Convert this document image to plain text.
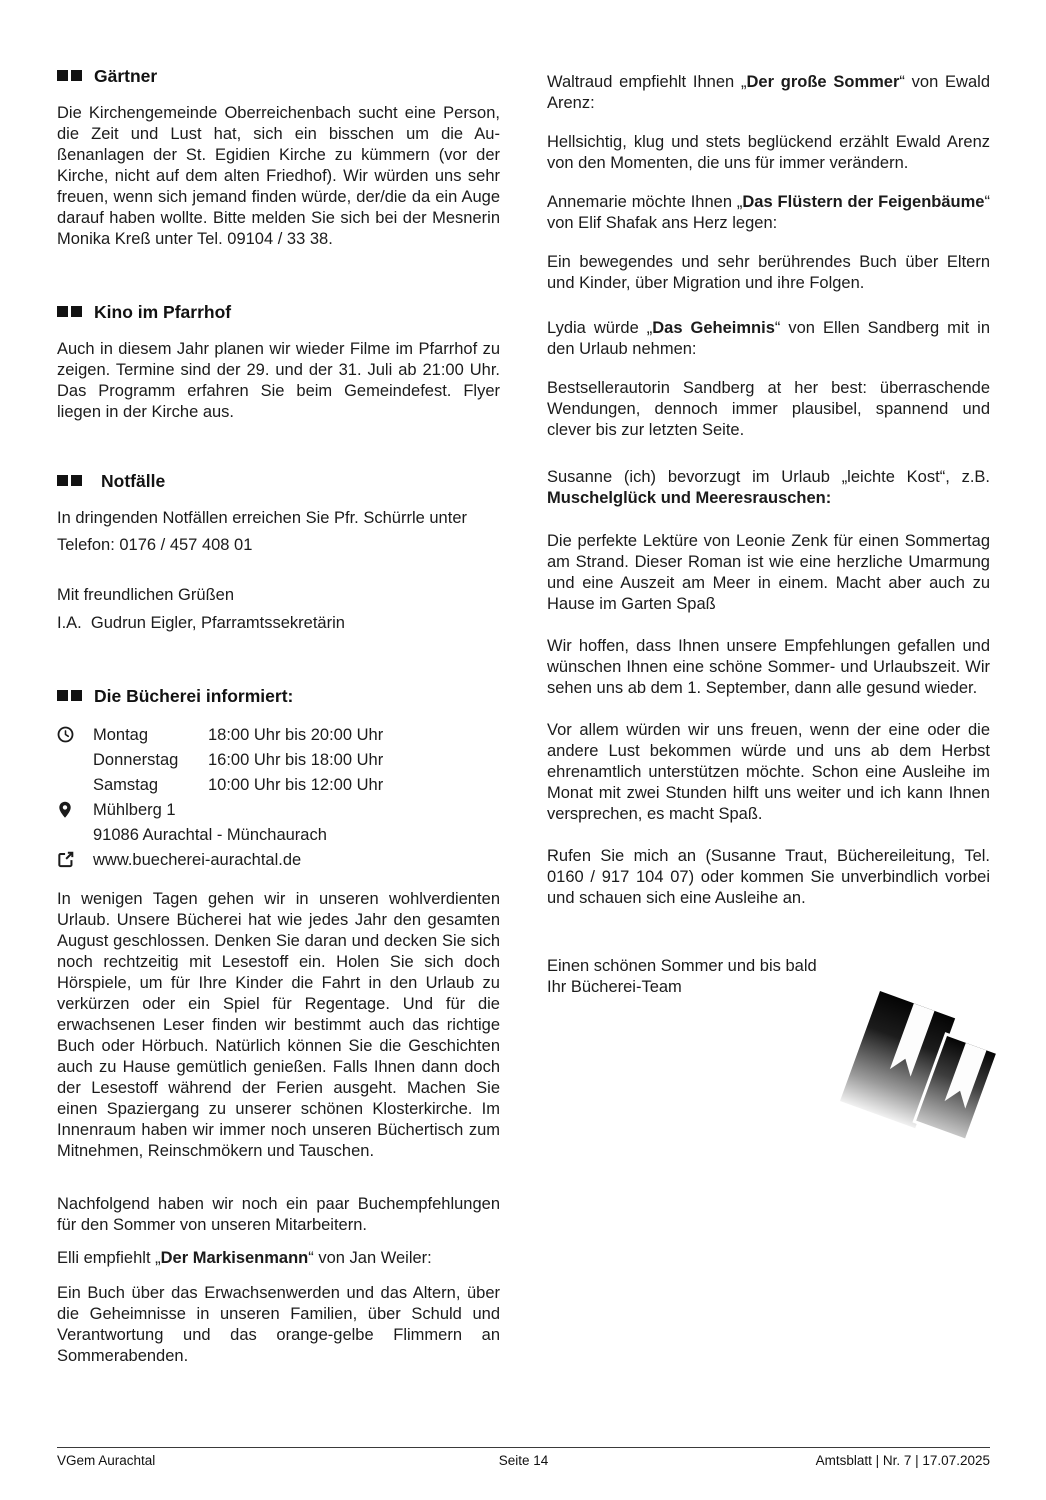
Gärtner

Die Kirchengemeinde Oberreichenbach sucht eine Person, die Zeit und Lust hat, sich ein bisschen um die Außenanlagen der St. Egidien Kirche zu kümmern (vor der Kirche, nicht auf dem alten Friedhof). Wir würden uns sehr freuen, wenn sich jemand finden würde, der/die da ein Auge darauf haben wollte. Bitte melden Sie sich bei der Mesnerin Monika Kreß unter Tel. 09104 / 33 38.

Kino im Pfarrhof

Auch in diesem Jahr planen wir wieder Filme im Pfarrhof zu zeigen. Termine sind der 29. und der 31. Juli ab 21:00 Uhr. Das Programm erfahren Sie beim Gemeindefest. Flyer liegen in der Kirche aus.

Notfälle

In dringenden Notfällen erreichen Sie Pfr. Schürrle unter

Telefon: 0176 / 457 408 01

Mit freundlichen Grüßen

I.A.  Gudrun Eigler, Pfarramtssekretärin

Die Bücherei informiert:
Montag	18:00 Uhr bis 20:00 Uhr
Donnerstag	16:00 Uhr bis 18:00 Uhr
Samstag	10:00 Uhr bis 12:00 Uhr
Mühlberg 1
91086 Aurachtal - Münchaurach
www.buecherei-aurachtal.de

In wenigen Tagen gehen wir in unseren wohlverdienten Urlaub. Unsere Bücherei hat wie jedes Jahr den gesamten August geschlossen. Denken Sie daran und decken Sie sich noch rechtzeitig mit Lesestoff ein. Holen Sie sich doch Hörspiele, um für Ihre Kinder die Fahrt in den Urlaub zu verkürzen oder ein Spiel für Regentage. Und für die erwachsenen Leser finden wir bestimmt auch das richtige Buch oder Hörbuch. Natürlich können Sie die Geschichten auch zu Hause gemütlich genießen. Falls Ihnen dann doch der Lesestoff während der Ferien ausgeht. Machen Sie einen Spaziergang zu unserer schönen Klosterkirche. Im Innenraum haben wir immer noch unseren Büchertisch zum Mitnehmen, Reinschmökern und Tauschen.

Nachfolgend haben wir noch ein paar Buchempfehlungen für den Sommer von unseren Mitarbeitern.

Elli empfiehlt „Der Markisenmann“ von Jan Weiler:

Ein Buch über das Erwachsenwerden und das Altern, über die Geheimnisse in unseren Familien, über Schuld und Verantwortung und das orange-gelbe Flimmern an Sommerabenden.

Waltraud empfiehlt Ihnen „Der große Sommer“ von Ewald Arenz:

Hellsichtig, klug und stets beglückend erzählt Ewald Arenz von den Momenten, die uns für immer verändern.

Annemarie möchte Ihnen „Das Flüstern der Feigenbäume“ von Elif Shafak ans Herz legen:

Ein bewegendes und sehr berührendes Buch über Eltern und Kinder, über Migration und ihre Folgen.

Lydia würde „Das Geheimnis“ von Ellen Sandberg mit in den Urlaub nehmen:

Bestsellerautorin Sandberg at her best: überraschende Wendungen, dennoch immer plausibel, spannend und clever bis zur letzten Seite.

Susanne (ich) bevorzugt im Urlaub „leichte Kost“, z.B. Muschelglück und Meeresrauschen:

Die perfekte Lektüre von Leonie Zenk für einen Sommertag am Strand. Dieser Roman ist wie eine herzliche Umarmung und eine Auszeit am Meer in einem. Macht aber auch zu Hause im Garten Spaß

Wir hoffen, dass Ihnen unsere Empfehlungen gefallen und wünschen Ihnen eine schöne Sommer- und Urlaubszeit. Wir sehen uns ab dem 1. September, dann alle gesund wieder.

Vor allem würden wir uns freuen, wenn der eine oder die andere Lust bekommen würde und uns ab dem Herbst ehrenamtlich unterstützen möchte. Schon eine Ausleihe im Monat mit zwei Stunden hilft uns weiter und ich kann Ihnen versprechen, es macht Spaß.

Rufen Sie mich an (Susanne Traut, Büchereileitung, Tel. 0160 / 917 104 07) oder kommen Sie unverbindlich vorbei und schauen sich eine Ausleihe an.

Einen schönen Sommer und bis bald

Ihr Bücherei-Team

VGem Aurachtal	Seite 14	Amtsblatt | Nr. 7 | 17.07.2025
